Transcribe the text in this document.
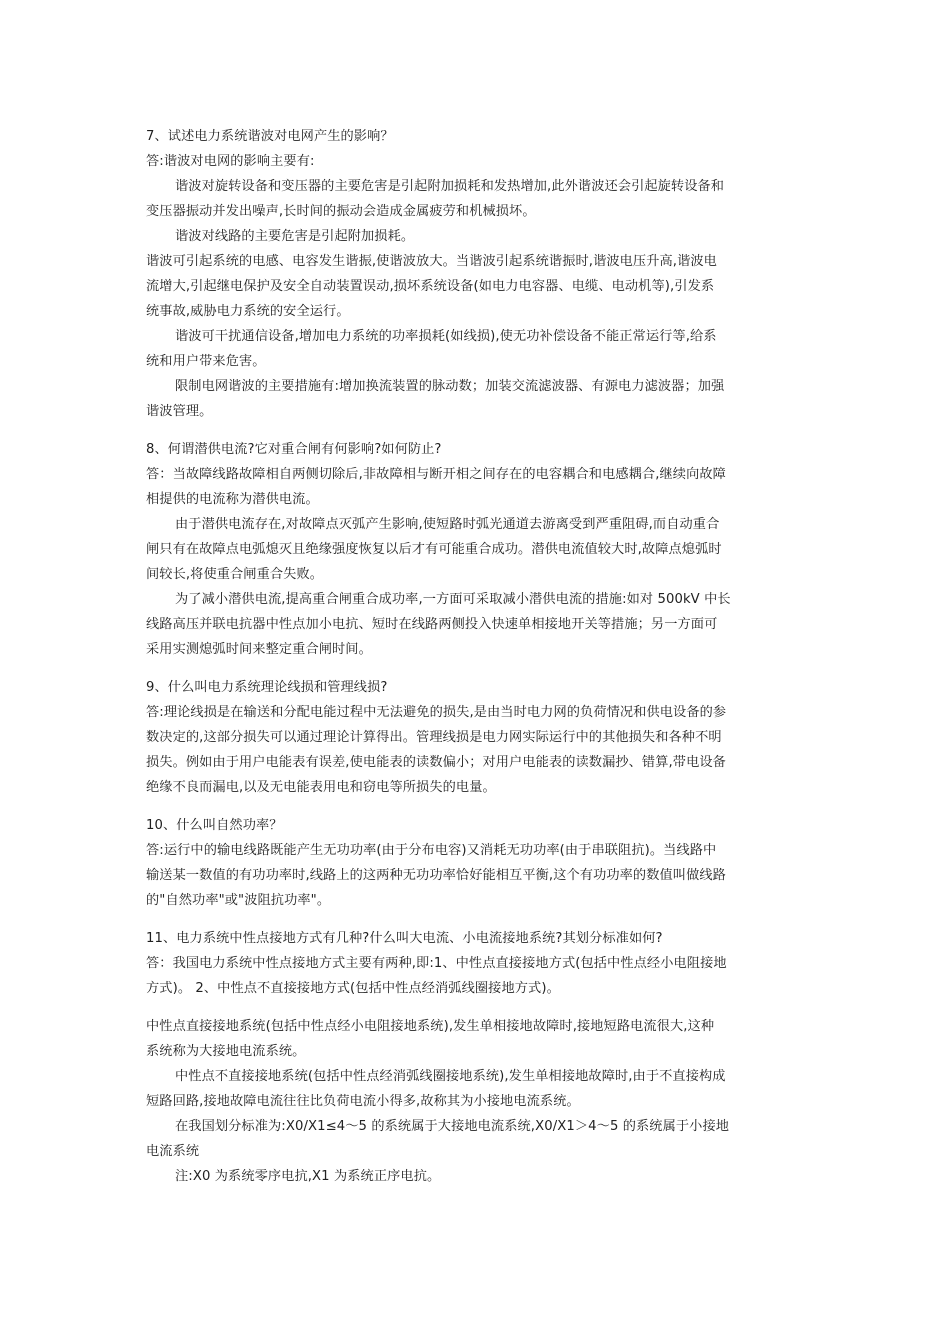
7、试述电力系统谐波对电网产生的影响？
答:谐波对电网的影响主要有:
谐波对旋转设备和变压器的主要危害是引起附加损耗和发热增加,此外谐波还会引起旋转设备和
变压器振动并发出噪声,长时间的振动会造成金属疲劳和机械损坏。
谐波对线路的主要危害是引起附加损耗。
谐波可引起系统的电感、电容发生谐振,使谐波放大。当谐波引起系统谐振时,谐波电压升高,谐波电
流增大,引起继电保护及安全自动装置误动,损坏系统设备(如电力电容器、电缆、电动机等),引发系
统事故,威胁电力系统的安全运行。
谐波可干扰通信设备,增加电力系统的功率损耗(如线损),使无功补偿设备不能正常运行等,给系
统和用户带来危害。
限制电网谐波的主要措施有:增加换流装置的脉动数；加装交流滤波器、有源电力滤波器；加强
谐波管理。
8、何谓潜供电流?它对重合闸有何影响?如何防止?
答：当故障线路故障相自两侧切除后,非故障相与断开相之间存在的电容耦合和电感耦合,继续向故障
相提供的电流称为潜供电流。
由于潜供电流存在,对故障点灭弧产生影响,使短路时弧光通道去游离受到严重阻碍,而自动重合
闸只有在故障点电弧熄灭且绝缘强度恢复以后才有可能重合成功。潜供电流值较大时,故障点熄弧时
间较长,将使重合闸重合失败。
为了减小潜供电流,提高重合闸重合成功率,一方面可采取减小潜供电流的措施:如对 500kV 中长
线路高压并联电抗器中性点加小电抗、短时在线路两侧投入快速单相接地开关等措施；另一方面可
采用实测熄弧时间来整定重合闸时间。
9、什么叫电力系统理论线损和管理线损?
答:理论线损是在输送和分配电能过程中无法避免的损失,是由当时电力网的负荷情况和供电设备的参
数决定的,这部分损失可以通过理论计算得出。管理线损是电力网实际运行中的其他损失和各种不明
损失。例如由于用户电能表有误差,使电能表的读数偏小；对用户电能表的读数漏抄、错算,带电设备
绝缘不良而漏电,以及无电能表用电和窃电等所损失的电量。
10、什么叫自然功率？
答:运行中的输电线路既能产生无功功率(由于分布电容)又消耗无功功率(由于串联阻抗)。当线路中
输送某一数值的有功功率时,线路上的这两种无功功率恰好能相互平衡,这个有功功率的数值叫做线路
的"自然功率"或"波阻抗功率"。
11、电力系统中性点接地方式有几种?什么叫大电流、小电流接地系统?其划分标准如何?
答：我国电力系统中性点接地方式主要有两种,即:1、中性点直接接地方式(包括中性点经小电阻接地
方式)。 2、中性点不直接接地方式(包括中性点经消弧线圈接地方式)。
中性点直接接地系统(包括中性点经小电阻接地系统),发生单相接地故障时,接地短路电流很大,这种
系统称为大接地电流系统。
中性点不直接接地系统(包括中性点经消弧线圈接地系统),发生单相接地故障时,由于不直接构成
短路回路,接地故障电流往往比负荷电流小得多,故称其为小接地电流系统。
在我国划分标准为:X0/X1≤4～5 的系统属于大接地电流系统,X0/X1＞4～5 的系统属于小接地
电流系统
注:X0 为系统零序电抗,X1 为系统正序电抗。
